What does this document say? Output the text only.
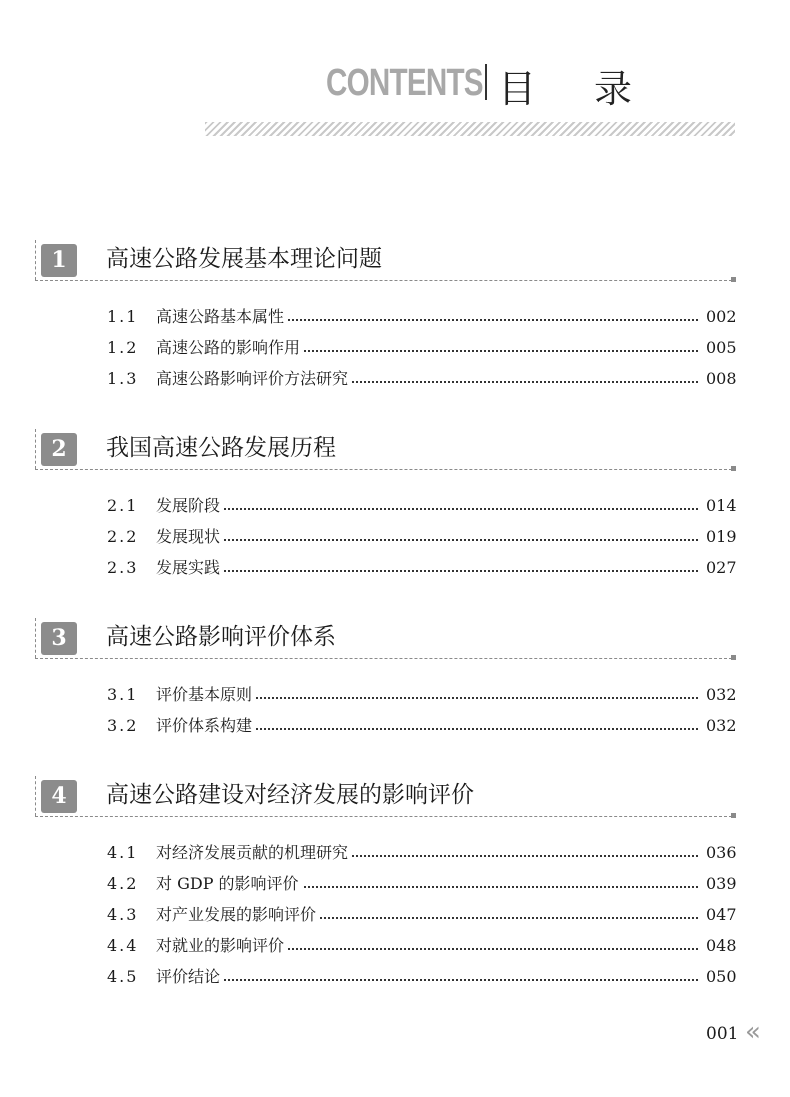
CONTENTS 目录
1	高速公路发展基本理论问题
1.1	高速公路基本属性	002
1.2	高速公路的影响作用	005
1.3	高速公路影响评价方法研究	008
2	我国高速公路发展历程
2.1	发展阶段	014
2.2	发展现状	019
2.3	发展实践	027
3	高速公路影响评价体系
3.1	评价基本原则	032
3.2	评价体系构建	032
4	高速公路建设对经济发展的影响评价
4.1	对经济发展贡献的机理研究	036
4.2	对 GDP 的影响评价	039
4.3	对产业发展的影响评价	047
4.4	对就业的影响评价	048
4.5	评价结论	050
001 «
